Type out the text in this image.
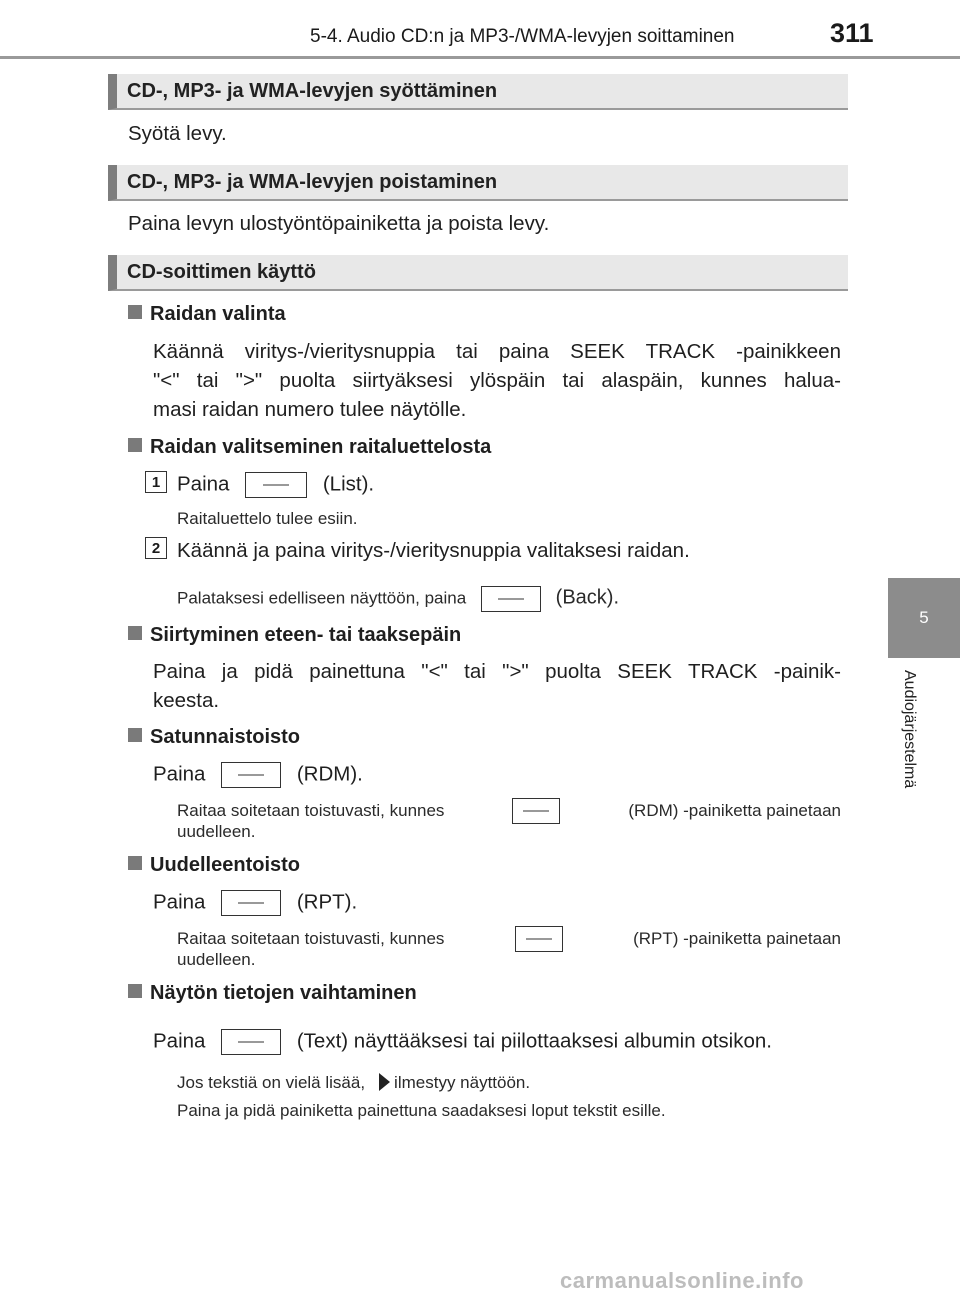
5-4. Audio CD:n ja MP3-/WMA-levyjen soittaminen	311
5
Audiojärjestelmä
CD-, MP3- ja WMA-levyjen syöttäminen
Syötä levy.
CD-, MP3- ja WMA-levyjen poistaminen
Paina levyn ulostyöntöpainiketta ja poista levy.
CD-soittimen käyttö
Raidan valinta
Käännä viritys-/vieritysnuppia tai paina SEEK TRACK -painikkeen
"<" tai ">" puolta siirtyäksesi ylöspäin tai alaspäin, kunnes halua-
masi raidan numero tulee näytölle.
Raidan valitseminen raitaluettelosta
1 Paina	(List).
Raitaluettelo tulee esiin.
2 Käännä ja paina viritys-/vieritysnuppia valitaksesi raidan.
Palataksesi edelliseen näyttöön, paina	(Back).
Siirtyminen eteen- tai taaksepäin
Paina ja pidä painettuna "<" tai ">" puolta SEEK TRACK -painik-
keesta.
Satunnaistoisto
Paina	(RDM).
Raitaa soitetaan toistuvasti, kunnes	(RDM) -painiketta painetaan
uudelleen.
Uudelleentoisto
Paina	(RPT).
Raitaa soitetaan toistuvasti, kunnes	(RPT) -painiketta painetaan
uudelleen.
Näytön tietojen vaihtaminen
Paina	(Text) näyttääksesi tai piilottaaksesi albumin otsikon.
Jos tekstiä on vielä lisää, ilmestyy näyttöön.
Paina ja pidä painiketta painettuna saadaksesi loput tekstit esille.
carmanualsonline.info
